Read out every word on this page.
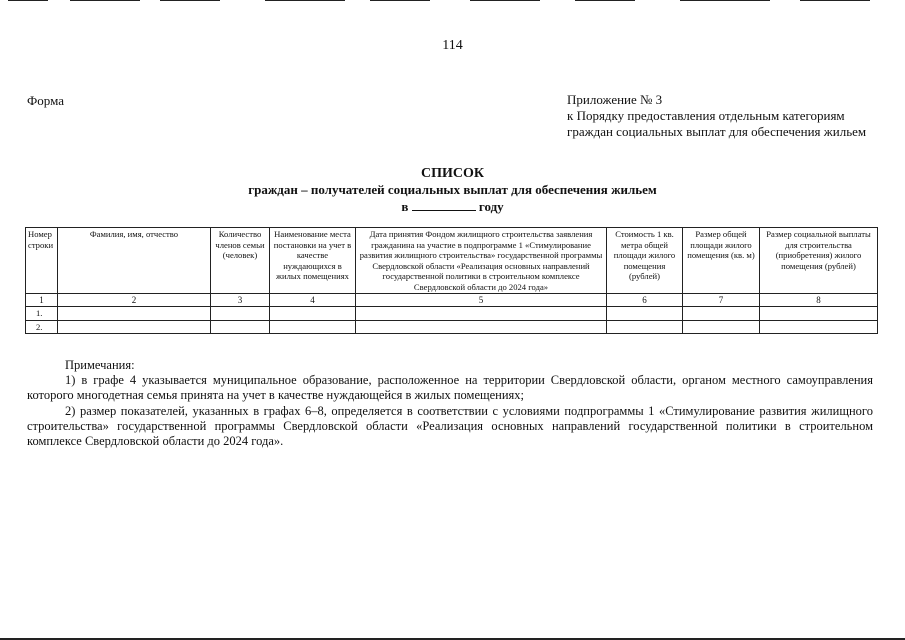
114
Форма	Приложение № 3
к Порядку предоставления отдельным категориям
граждан социальных выплат для обеспечения жильем
СПИСОК
граждан – получателей социальных выплат для обеспечения жильем
в	году
Номер строки	Фамилия, имя, отчество	Количество членов семьи (человек)	Наименование места постановки на учет в качестве нуждающихся в жилых помещениях	Дата принятия Фондом жилищного строительства заявления гражданина на участие в подпрограмме 1 «Стимулирование развития жилищного строительства» государственной программы Свердловской области «Реализация основных направлений государственной политики в строительном комплексе Свердловской области до 2024 года»	Стоимость 1 кв. метра общей площади жилого помещения (рублей)	Размер общей площади жилого помещения (кв. м)	Размер социальной выплаты для строительства (приобретения) жилого помещения (рублей)
1	2	3	4	5	6	7	8
1.							
2.							
Примечания:
1) в графе 4 указывается муниципальное образование, расположенное на территории Свердловской области, органом местного самоуправления которого многодетная семья принята на учет в качестве нуждающейся в жилых помещениях;
2) размер показателей, указанных в графах 6–8, определяется в соответствии с условиями подпрограммы 1 «Стимулирование развития жилищного строительства» государственной программы Свердловской области «Реализация основных направлений государственной политики в строительном комплексе Свердловской области до 2024 года».
